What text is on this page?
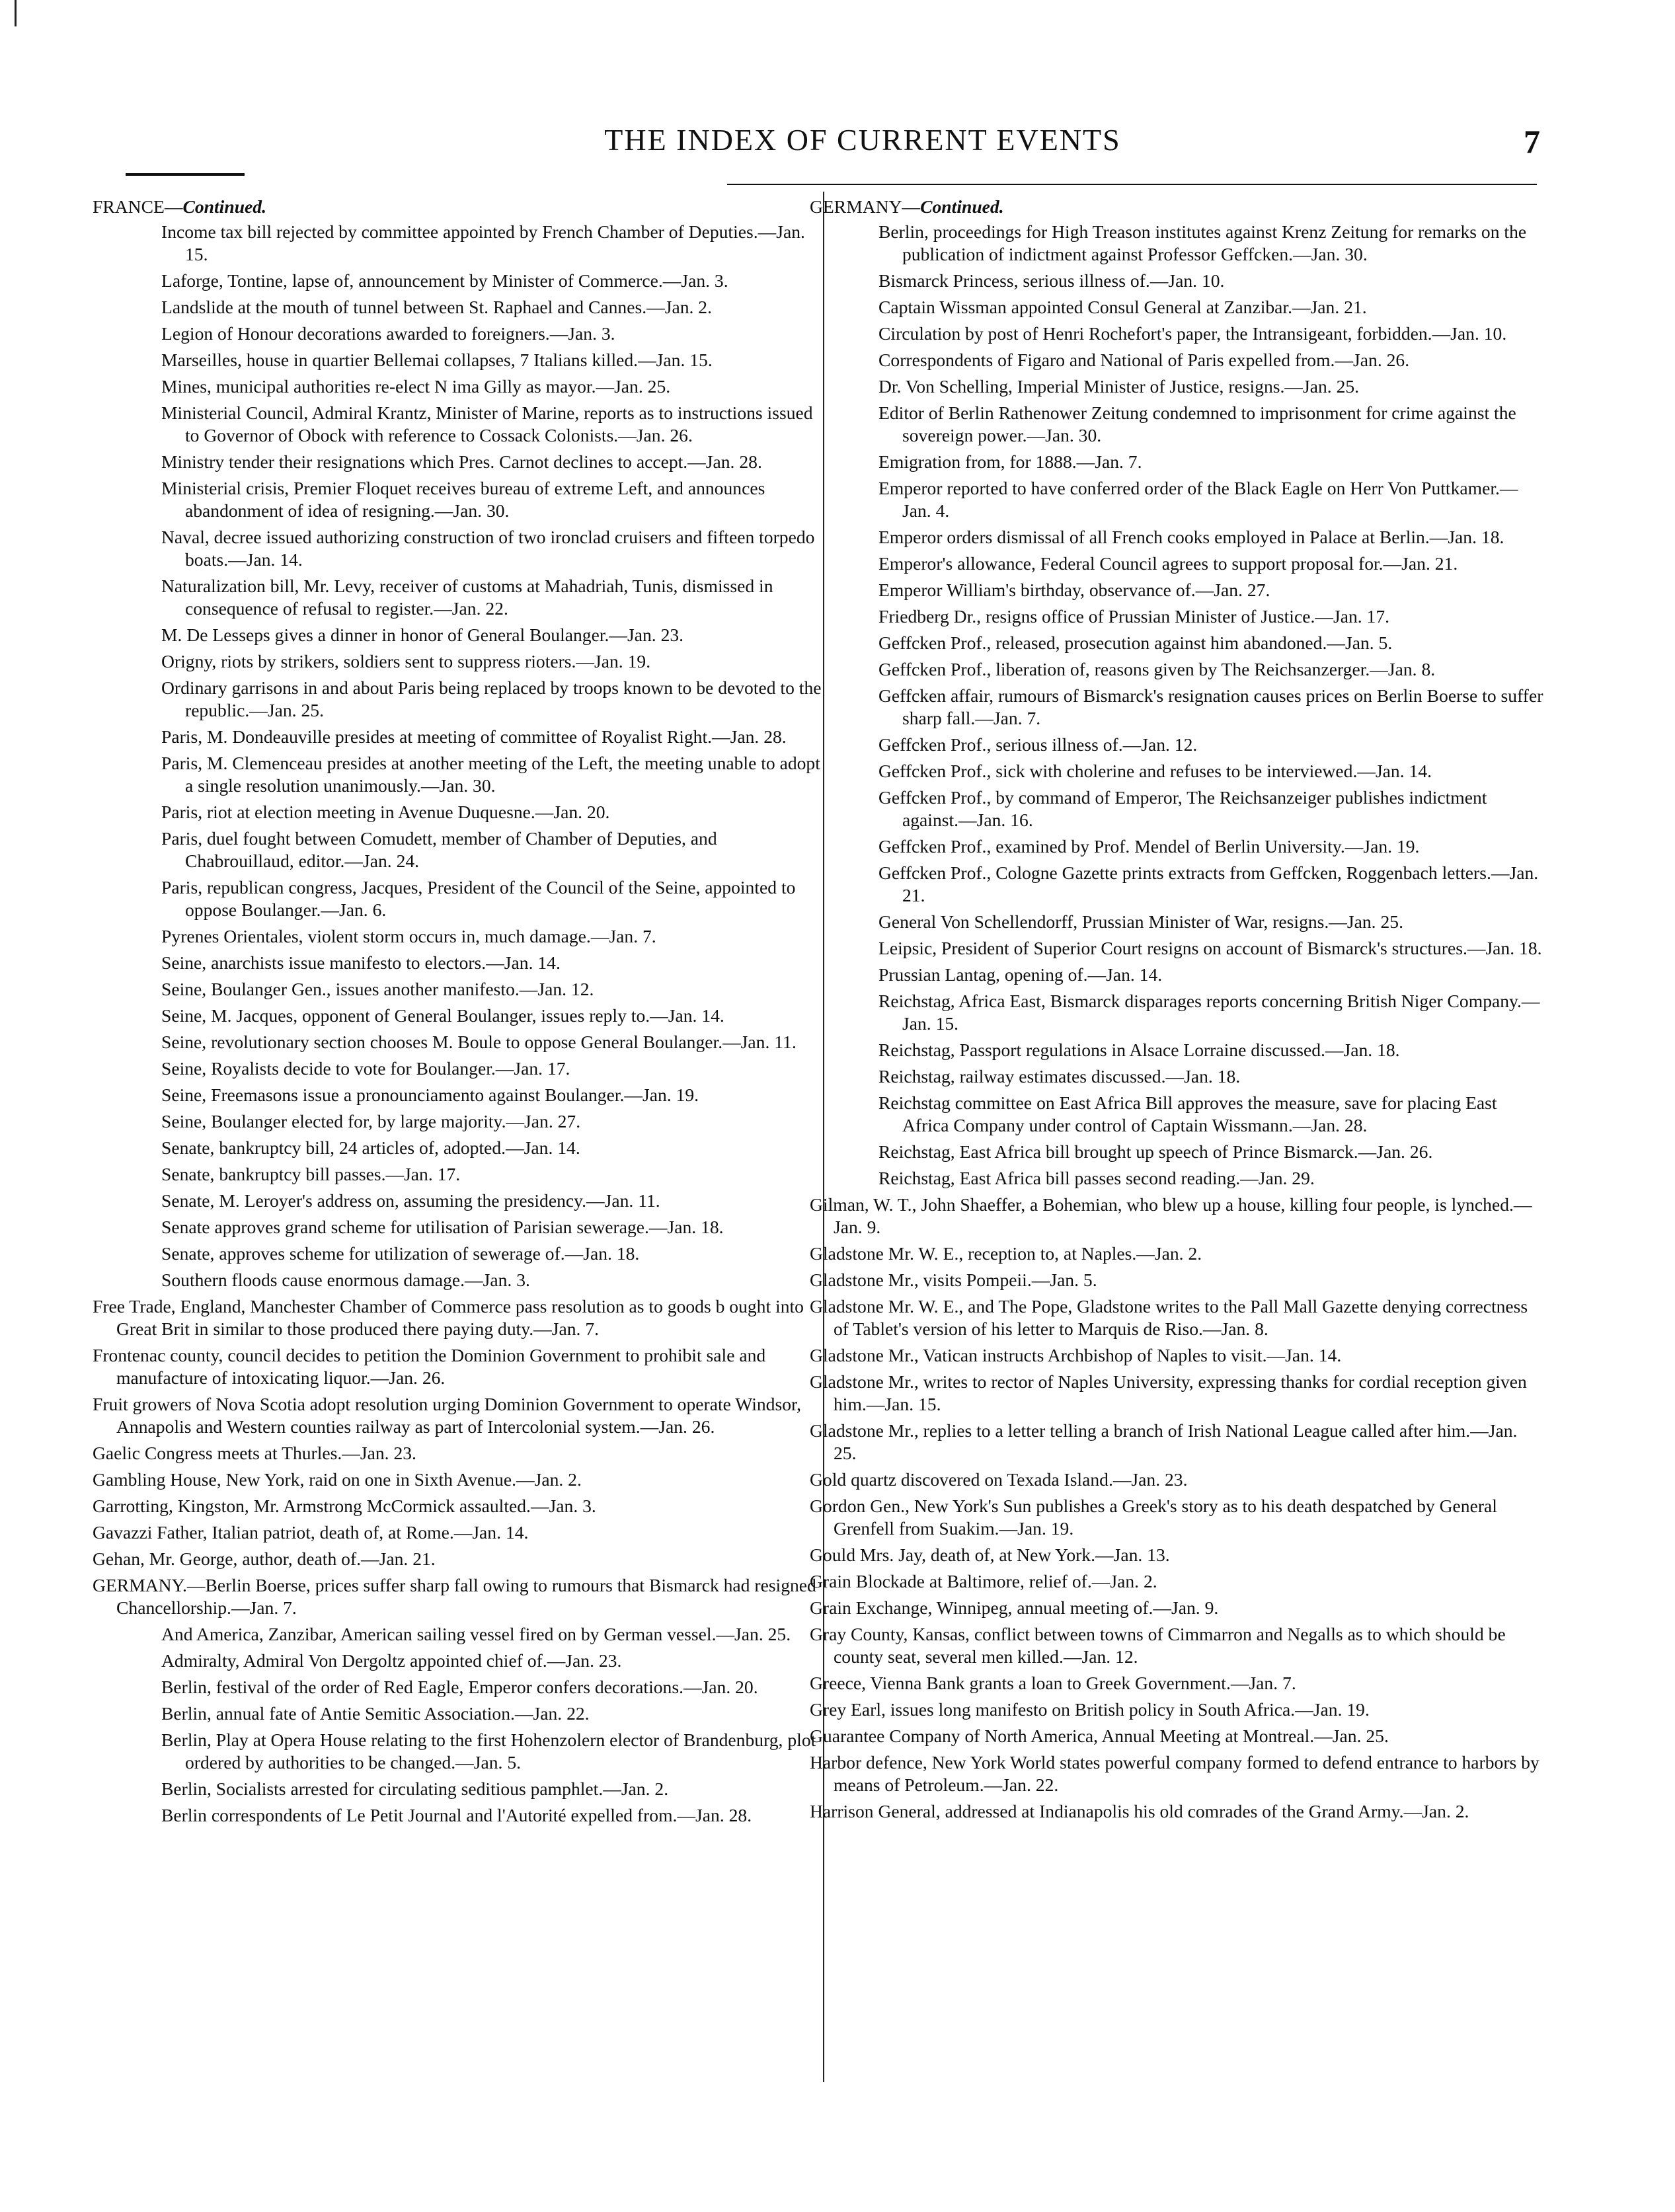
THE INDEX OF CURRENT EVENTS	7
FRANCE—Continued.

Income tax bill rejected by committee appointed by French Chamber of Deputies.—Jan. 15.

Laforge, Tontine, lapse of, announcement by Minister of Commerce.—Jan. 3.

Landslide at the mouth of tunnel between St. Raphael and Cannes.—Jan. 2.

Legion of Honour decorations awarded to foreigners.—Jan. 3.

Marseilles, house in quartier Bellemai collapses, 7 Italians killed.—Jan. 15.

Mines, municipal authorities re-elect N ima Gilly as mayor.—Jan. 25.

Ministerial Council, Admiral Krantz, Minister of Marine, reports as to instructions issued to Governor of Obock with reference to Cossack Colonists.—Jan. 26.

Ministry tender their resignations which Pres. Carnot declines to accept.—Jan. 28.

Ministerial crisis, Premier Floquet receives bureau of extreme Left, and announces abandonment of idea of resigning.—Jan. 30.

Naval, decree issued authorizing construction of two ironclad cruisers and fifteen torpedo boats.—Jan. 14.

Naturalization bill, Mr. Levy, receiver of customs at Mahadriah, Tunis, dismissed in consequence of refusal to register.—Jan. 22.

M. De Lesseps gives a dinner in honor of General Boulanger.—Jan. 23.

Origny, riots by strikers, soldiers sent to suppress rioters.—Jan. 19.

Ordinary garrisons in and about Paris being replaced by troops known to be devoted to the republic.—Jan. 25.

Paris, M. Dondeauville presides at meeting of committee of Royalist Right.—Jan. 28.

Paris, M. Clemenceau presides at another meeting of the Left, the meeting unable to adopt a single resolution unanimously.—Jan. 30.

Paris, riot at election meeting in Avenue Duquesne.—Jan. 20.

Paris, duel fought between Comudett, member of Chamber of Deputies, and Chabrouillaud, editor.—Jan. 24.

Paris, republican congress, Jacques, President of the Council of the Seine, appointed to oppose Boulanger.—Jan. 6.

Pyrenes Orientales, violent storm occurs in, much damage.—Jan. 7.

Seine, anarchists issue manifesto to electors.—Jan. 14.

Seine, Boulanger Gen., issues another manifesto.—Jan. 12.

Seine, M. Jacques, opponent of General Boulanger, issues reply to.—Jan. 14.

Seine, revolutionary section chooses M. Boule to oppose General Boulanger.—Jan. 11.

Seine, Royalists decide to vote for Boulanger.—Jan. 17.

Seine, Freemasons issue a pronounciamento against Boulanger.—Jan. 19.

Seine, Boulanger elected for, by large majority.—Jan. 27.

Senate, bankruptcy bill, 24 articles of, adopted.—Jan. 14.

Senate, bankruptcy bill passes.—Jan. 17.

Senate, M. Leroyer's address on, assuming the presidency.—Jan. 11.

Senate approves grand scheme for utilisation of Parisian sewerage.—Jan. 18.

Senate, approves scheme for utilization of sewerage of.—Jan. 18.

Southern floods cause enormous damage.—Jan. 3.

Free Trade, England, Manchester Chamber of Commerce pass resolution as to goods b ought into Great Brit in similar to those produced there paying duty.—Jan. 7.

Frontenac county, council decides to petition the Dominion Government to prohibit sale and manufacture of intoxicating liquor.—Jan. 26.

Fruit growers of Nova Scotia adopt resolution urging Dominion Government to operate Windsor, Annapolis and Western counties railway as part of Intercolonial system.—Jan. 26.

Gaelic Congress meets at Thurles.—Jan. 23.

Gambling House, New York, raid on one in Sixth Avenue.—Jan. 2.

Garrotting, Kingston, Mr. Armstrong McCormick assaulted.—Jan. 3.

Gavazzi Father, Italian patriot, death of, at Rome.—Jan. 14.

Gehan, Mr. George, author, death of.—Jan. 21.

GERMANY.—Berlin Boerse, prices suffer sharp fall owing to rumours that Bismarck had resigned Chancellorship.—Jan. 7.

And America, Zanzibar, American sailing vessel fired on by German vessel.—Jan. 25.

Admiralty, Admiral Von Dergoltz appointed chief of.—Jan. 23.

Berlin, festival of the order of Red Eagle, Emperor confers decorations.—Jan. 20.

Berlin, annual fate of Antie Semitic Association.—Jan. 22.

Berlin, Play at Opera House relating to the first Hohenzolern elector of Brandenburg, plot ordered by authorities to be changed.—Jan. 5.

Berlin, Socialists arrested for circulating seditious pamphlet.—Jan. 2.

Berlin correspondents of Le Petit Journal and l'Autorité expelled from.—Jan. 28.

GERMANY—Continued.

Berlin, proceedings for High Treason institutes against Krenz Zeitung for remarks on the publication of indictment against Professor Geffcken.—Jan. 30.

Bismarck Princess, serious illness of.—Jan. 10.

Captain Wissman appointed Consul General at Zanzibar.—Jan. 21.

Circulation by post of Henri Rochefort's paper, the Intransigeant, forbidden.—Jan. 10.

Correspondents of Figaro and National of Paris expelled from.—Jan. 26.

Dr. Von Schelling, Imperial Minister of Justice, resigns.—Jan. 25.

Editor of Berlin Rathenower Zeitung condemned to imprisonment for crime against the sovereign power.—Jan. 30.

Emigration from, for 1888.—Jan. 7.

Emperor reported to have conferred order of the Black Eagle on Herr Von Puttkamer.—Jan. 4.

Emperor orders dismissal of all French cooks employed in Palace at Berlin.—Jan. 18.

Emperor's allowance, Federal Council agrees to support proposal for.—Jan. 21.

Emperor William's birthday, observance of.—Jan. 27.

Friedberg Dr., resigns office of Prussian Minister of Justice.—Jan. 17.

Geffcken Prof., released, prosecution against him abandoned.—Jan. 5.

Geffcken Prof., liberation of, reasons given by The Reichsanzerger.—Jan. 8.

Geffcken affair, rumours of Bismarck's resignation causes prices on Berlin Boerse to suffer sharp fall.—Jan. 7.

Geffcken Prof., serious illness of.—Jan. 12.

Geffcken Prof., sick with cholerine and refuses to be interviewed.—Jan. 14.

Geffcken Prof., by command of Emperor, The Reichsanzeiger publishes indictment against.—Jan. 16.

Geffcken Prof., examined by Prof. Mendel of Berlin University.—Jan. 19.

Geffcken Prof., Cologne Gazette prints extracts from Geffcken, Roggenbach letters.—Jan. 21.

General Von Schellendorff, Prussian Minister of War, resigns.—Jan. 25.

Leipsic, President of Superior Court resigns on account of Bismarck's structures.—Jan. 18.

Prussian Lantag, opening of.—Jan. 14.

Reichstag, Africa East, Bismarck disparages reports concerning British Niger Company.—Jan. 15.

Reichstag, Passport regulations in Alsace Lorraine discussed.—Jan. 18.

Reichstag, railway estimates discussed.—Jan. 18.

Reichstag committee on East Africa Bill approves the measure, save for placing East Africa Company under control of Captain Wissmann.—Jan. 28.

Reichstag, East Africa bill brought up speech of Prince Bismarck.—Jan. 26.

Reichstag, East Africa bill passes second reading.—Jan. 29.

Gilman, W. T., John Shaeffer, a Bohemian, who blew up a house, killing four people, is lynched.—Jan. 9.

Gladstone Mr. W. E., reception to, at Naples.—Jan. 2.

Gladstone Mr., visits Pompeii.—Jan. 5.

Gladstone Mr. W. E., and The Pope, Gladstone writes to the Pall Mall Gazette denying correctness of Tablet's version of his letter to Marquis de Riso.—Jan. 8.

Gladstone Mr., Vatican instructs Archbishop of Naples to visit.—Jan. 14.

Gladstone Mr., writes to rector of Naples University, expressing thanks for cordial reception given him.—Jan. 15.

Gladstone Mr., replies to a letter telling a branch of Irish National League called after him.—Jan. 25.

Gold quartz discovered on Texada Island.—Jan. 23.

Gordon Gen., New York's Sun publishes a Greek's story as to his death despatched by General Grenfell from Suakim.—Jan. 19.

Gould Mrs. Jay, death of, at New York.—Jan. 13.

Grain Blockade at Baltimore, relief of.—Jan. 2.

Grain Exchange, Winnipeg, annual meeting of.—Jan. 9.

Gray County, Kansas, conflict between towns of Cimmarron and Negalls as to which should be county seat, several men killed.—Jan. 12.

Greece, Vienna Bank grants a loan to Greek Government.—Jan. 7.

Grey Earl, issues long manifesto on British policy in South Africa.—Jan. 19.

Guarantee Company of North America, Annual Meeting at Montreal.—Jan. 25.

Harbor defence, New York World states powerful company formed to defend entrance to harbors by means of Petroleum.—Jan. 22.

Harrison General, addressed at Indianapolis his old comrades of the Grand Army.—Jan. 2.
